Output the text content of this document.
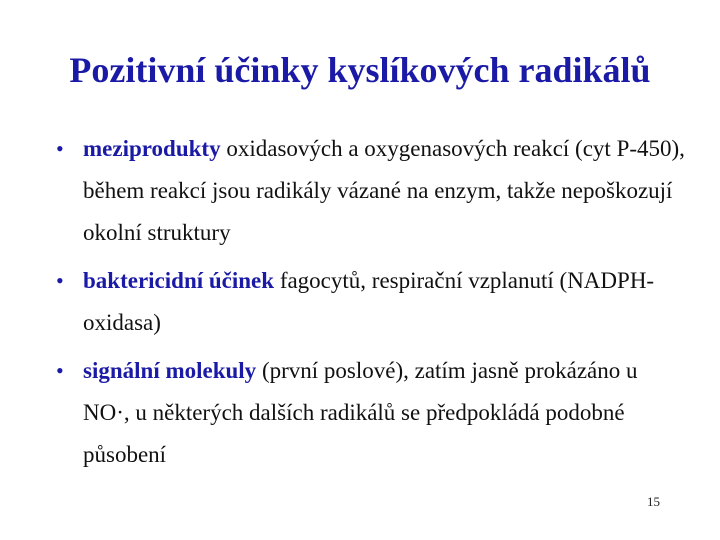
Pozitivní účinky kyslíkových radikálů
• meziprodukty oxidasových a oxygenasových reakcí (cyt P-450), během reakcí jsou radikály vázané na enzym, takže nepoškozují okolní struktury
• baktericidní účinek fagocytů, respirační vzplanutí (NADPH-oxidasa)
• signální molekuly (první poslové), zatím jasně prokázáno u NO·, u některých dalších radikálů se předpokládá podobné působení
15
